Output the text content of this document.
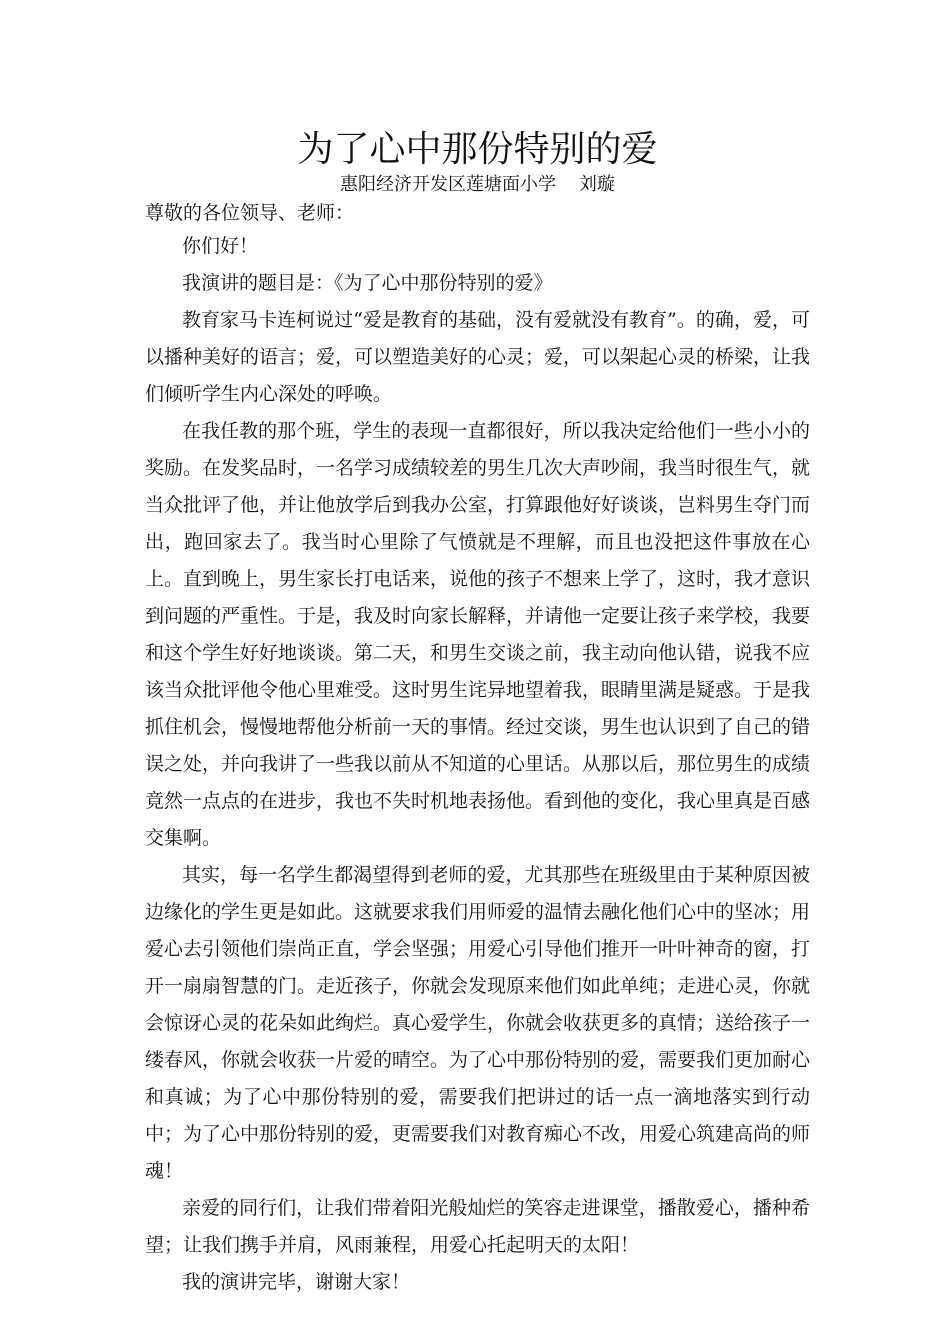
为了心中那份特别的爱

惠阳经济开发区莲塘面小学    刘璇

尊敬的各位领导、老师：

你们好！

我演讲的题目是：《为了心中那份特别的爱》

教育家马卡连柯说过“爱是教育的基础，没有爱就没有教育”。的确，爱，可以播种美好的语言；爱，可以塑造美好的心灵；爱，可以架起心灵的桥梁，让我们倾听学生内心深处的呼唤。

在我任教的那个班，学生的表现一直都很好，所以我决定给他们一些小小的奖励。在发奖品时，一名学习成绩较差的男生几次大声吵闹，我当时很生气，就当众批评了他，并让他放学后到我办公室，打算跟他好好谈谈，岂料男生夺门而出，跑回家去了。我当时心里除了气愤就是不理解，而且也没把这件事放在心上。直到晚上，男生家长打电话来，说他的孩子不想来上学了，这时，我才意识到问题的严重性。于是，我及时向家长解释，并请他一定要让孩子来学校，我要和这个学生好好地谈谈。第二天，和男生交谈之前，我主动向他认错，说我不应该当众批评他令他心里难受。这时男生诧异地望着我，眼睛里满是疑惑。于是我抓住机会，慢慢地帮他分析前一天的事情。经过交谈，男生也认识到了自己的错误之处，并向我讲了一些我以前从不知道的心里话。从那以后，那位男生的成绩竟然一点点的在进步，我也不失时机地表扬他。看到他的变化，我心里真是百感交集啊。

其实，每一名学生都渴望得到老师的爱，尤其那些在班级里由于某种原因被边缘化的学生更是如此。这就要求我们用师爱的温情去融化他们心中的坚冰；用爱心去引领他们崇尚正直，学会坚强；用爱心引导他们推开一叶叶神奇的窗，打开一扇扇智慧的门。走近孩子，你就会发现原来他们如此单纯；走进心灵，你就会惊讶心灵的花朵如此绚烂。真心爱学生，你就会收获更多的真情；送给孩子一缕春风，你就会收获一片爱的晴空。为了心中那份特别的爱，需要我们更加耐心和真诚；为了心中那份特别的爱，需要我们把讲过的话一点一滴地落实到行动中；为了心中那份特别的爱，更需要我们对教育痴心不改，用爱心筑建高尚的师魂！

亲爱的同行们，让我们带着阳光般灿烂的笑容走进课堂，播散爱心，播种希望；让我们携手并肩，风雨兼程，用爱心托起明天的太阳！

我的演讲完毕，谢谢大家！
